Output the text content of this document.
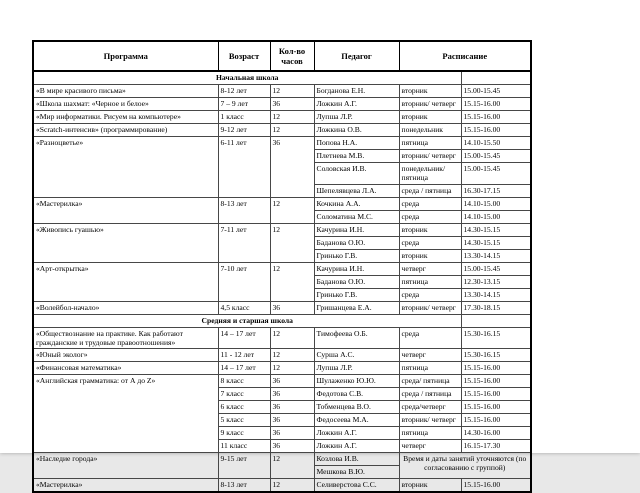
Программа	Возраст	Кол-во часов	Педагог	Расписание	
Начальная школа					
«В мире красивого письма»	8-12 лет	12	Богданова Е.Н.	вторник	15.00-15.45
«Школа шахмат: «Черное и белое»	7 – 9 лет	36	Ложкин А.Г.	вторник/ четверг	15.15-16.00
«Мир информатики. Рисуем на компьютере»	1 класс	12	Лупша Л.Р.	вторник	15.15-16.00
«Scratch-интенсив» (программирование)	9-12 лет	12	Ложкина О.В.	понедельник	15.15-16.00
«Разноцветье»	6-11 лет	36	Попова Н.А.	пятница	14.10-15.50
			Плетнева М.В.	вторник/ четверг	15.00-15.45
			Соловская И.В.	понедельник/ пятница	15.00-15.45
			Шепелявцева Л.А.	среда / пятница	16.30-17.15
«Мастерилка»	8-13 лет	12	Кочкина А.А.	среда	14.10-15.00
			Соломатина М.С.	среда	14.10-15.00
«Живопись гуашью»	7-11 лет	12	Качурина И.Н.	вторник	14.30-15.15
			Баданова О.Ю.	среда	14.30-15.15
			Гринько Г.В.	вторник	13.30-14.15
«Арт-открытка»	7-10 лет	12	Качурина И.Н.	четверг	15.00-15.45
			Баданова О.Ю.	пятница	12.30-13.15
			Гринько Г.В.	среда	13.30-14.15
«Волейбол-начало»	4,5 класс	36	Гришанцева Е.А.	вторник/ четверг	17.30-18.15
Средняя и старшая школа					
«Обществознание на практике. Как работают гражданские и трудовые правоотношения»	14 – 17 лет	12	Тимофеева О.Б.	среда	15.30-16.15
«Юный эколог»	11 - 12 лет	12	Сурша А.С.	четверг	15.30-16.15
«Финансовая математика»	14 – 17 лет	12	Лупша Л.Р.	пятница	15.15-16.00
«Английская грамматика: от А до Z»	8 класс	36	Шулаженко Ю.Ю.	среда/ пятница	15.15-16.00
	7 класс	36	Федотова С.В.	среда / пятница	15.15-16.00
	6 класс	36	Тобменцева В.О.	среда/четверг	15.15-16.00
	5 класс	36	Федосеева М.А.	вторник/ четверг	15.15-16.00
	9 класс	36	Ложкин А.Г.	пятница	14.30-16.00
	11 класс	36	Ложкин А.Г.	четверг	16.15-17.30
«Наследие города»	9-15 лет	12	Козлова И.В.	Время и даты занятий уточняются (по согласованию с группой)	
			Мешкова В.Ю.		
«Мастерилка»	8-13 лет	12	Селиверстова С.С.	вторник	15.15-16.00
